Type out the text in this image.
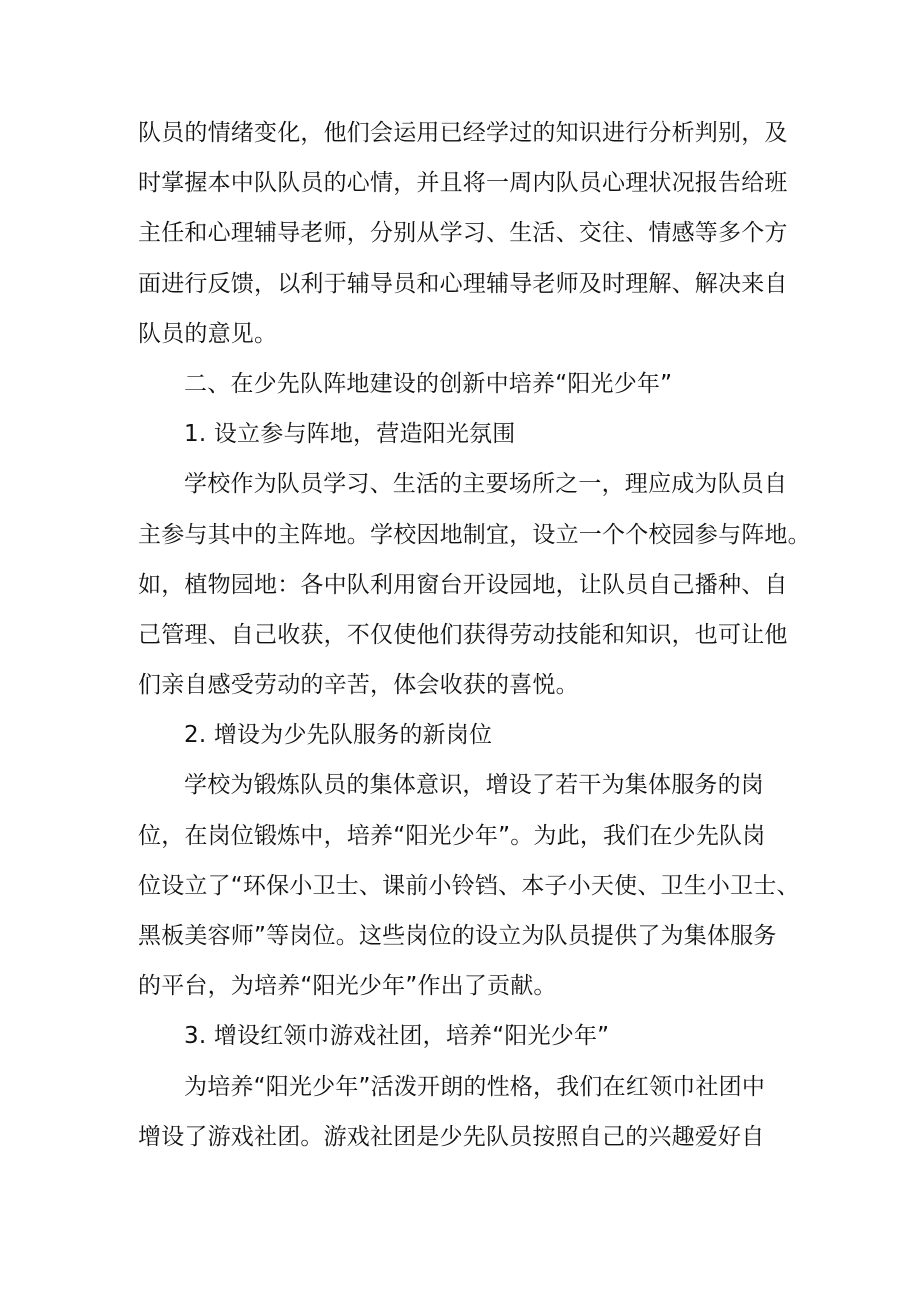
队员的情绪变化，他们会运用已经学过的知识进行分析判别，及

时掌握本中队队员的心情，并且将一周内队员心理状况报告给班

主任和心理辅导老师，分别从学习、生活、交往、情感等多个方

面进行反馈，以利于辅导员和心理辅导老师及时理解、解决来自

队员的意见。

二、在少先队阵地建设的创新中培养“阳光少年”

1. 设立参与阵地，营造阳光氛围

学校作为队员学习、生活的主要场所之一，理应成为队员自

主参与其中的主阵地。学校因地制宜，设立一个个校园参与阵地。

如，植物园地：各中队利用窗台开设园地，让队员自己播种、自

己管理、自己收获，不仅使他们获得劳动技能和知识，也可让他

们亲自感受劳动的辛苦，体会收获的喜悦。

2. 增设为少先队服务的新岗位

学校为锻炼队员的集体意识，增设了若干为集体服务的岗

位，在岗位锻炼中，培养“阳光少年”。为此，我们在少先队岗

位设立了“环保小卫士、课前小铃铛、本子小天使、卫生小卫士、

黑板美容师”等岗位。这些岗位的设立为队员提供了为集体服务

的平台，为培养“阳光少年”作出了贡献。

3. 增设红领巾游戏社团，培养“阳光少年”

为培养“阳光少年”活泼开朗的性格，我们在红领巾社团中

增设了游戏社团。游戏社团是少先队员按照自己的兴趣爱好自
